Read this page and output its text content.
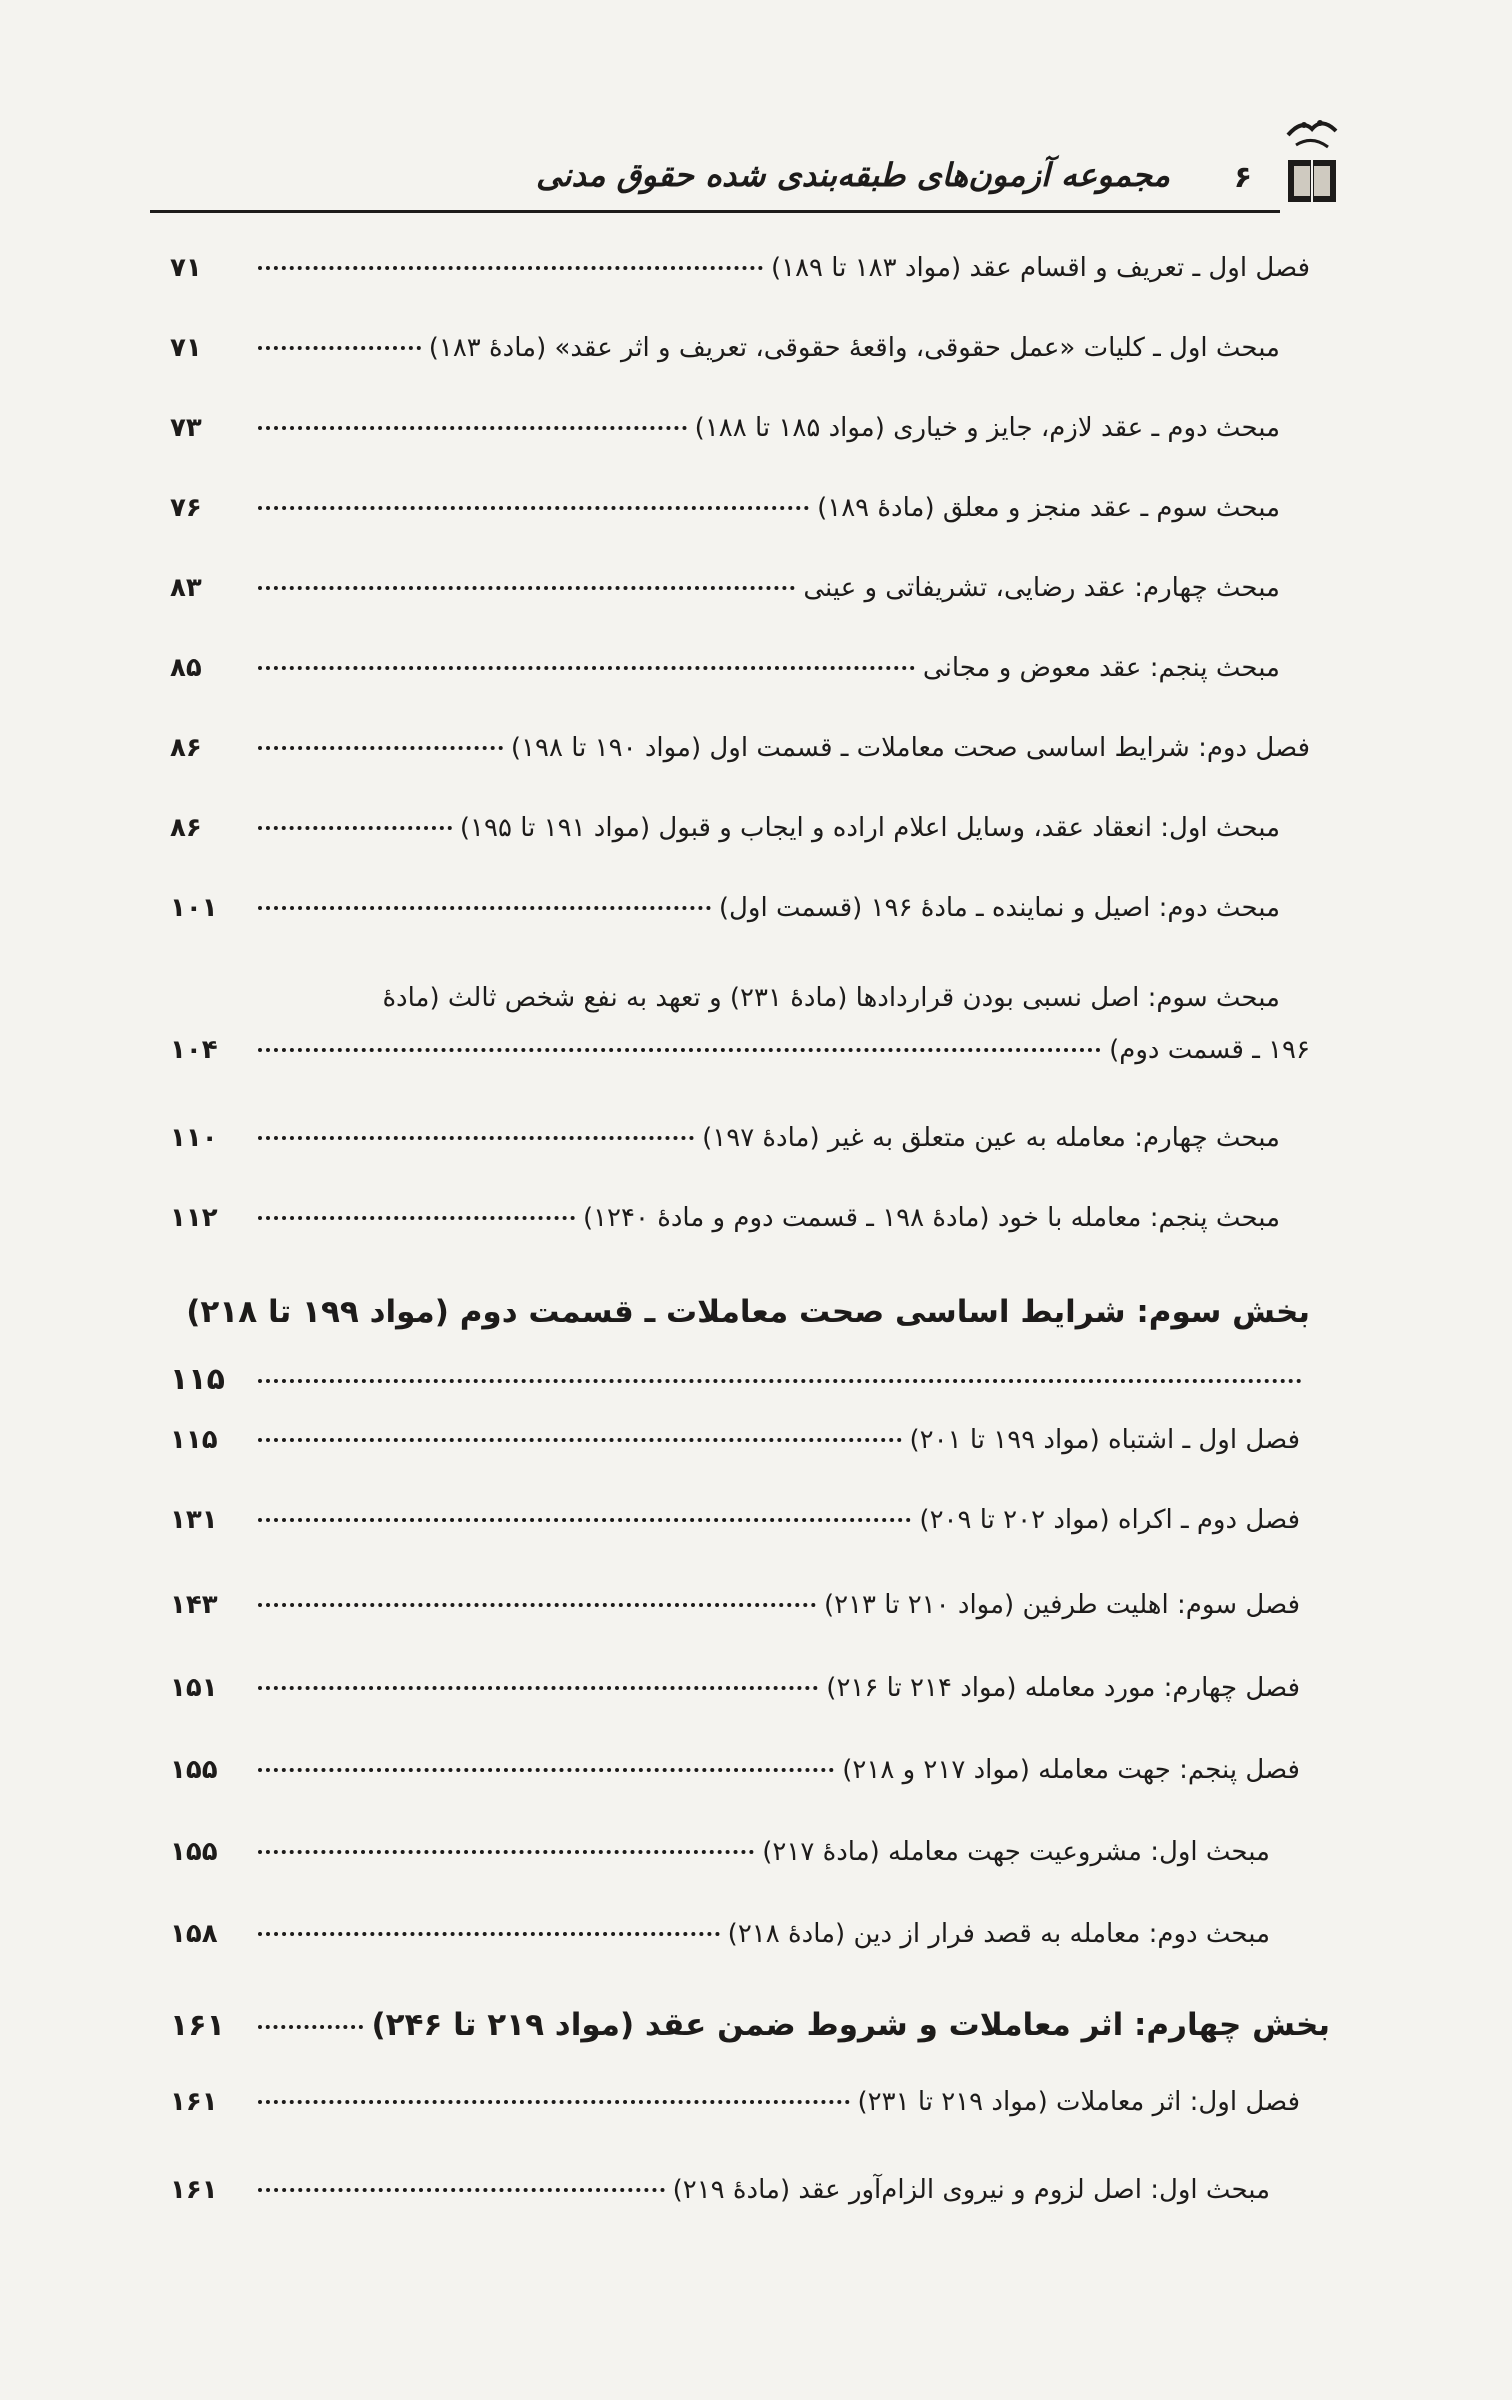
۶
مجموعه آزمون‌های طبقه‌بندی شده حقوق مدنی
فصل اول ـ تعریف و اقسام عقد (مواد ۱۸۳ تا ۱۸۹)
۷۱
مبحث اول ـ کلیات «عمل حقوقی، واقعهٔ حقوقی، تعریف و اثر عقد» (مادهٔ ۱۸۳)
۷۱
مبحث دوم ـ عقد لازم، جایز و خیاری (مواد ۱۸۵ تا ۱۸۸)
۷۳
مبحث سوم ـ عقد منجز و معلق (مادهٔ ۱۸۹)
۷۶
مبحث چهارم: عقد رضایی، تشریفاتی و عینی
۸۳
مبحث پنجم: عقد معوض و مجانی
۸۵
فصل دوم: شرایط اساسی صحت معاملات ـ قسمت اول (مواد ۱۹۰ تا ۱۹۸)
۸۶
مبحث اول: انعقاد عقد، وسایل اعلام اراده و ایجاب و قبول (مواد ۱۹۱ تا ۱۹۵)
۸۶
مبحث دوم: اصیل و نماینده ـ مادهٔ ۱۹۶ (قسمت اول)
۱۰۱
مبحث سوم: اصل نسبی بودن قراردادها (مادهٔ ۲۳۱) و تعهد به نفع شخص ثالث (مادهٔ
۱۹۶ ـ قسمت دوم)
۱۰۴
مبحث چهارم: معامله به عین متعلق به غیر (مادهٔ ۱۹۷)
۱۱۰
مبحث پنجم: معامله با خود (مادهٔ ۱۹۸ ـ قسمت دوم و مادهٔ ۱۲۴۰)
۱۱۲
بخش سوم: شرایط اساسی صحت معاملات ـ قسمت دوم (مواد ۱۹۹ تا ۲۱۸)
۱۱۵
فصل اول ـ اشتباه (مواد ۱۹۹ تا ۲۰۱)
۱۱۵
فصل دوم ـ اکراه (مواد ۲۰۲ تا ۲۰۹)
۱۳۱
فصل سوم: اهلیت طرفین (مواد ۲۱۰ تا ۲۱۳)
۱۴۳
فصل چهارم: مورد معامله (مواد ۲۱۴ تا ۲۱۶)
۱۵۱
فصل پنجم: جهت معامله (مواد ۲۱۷ و ۲۱۸)
۱۵۵
مبحث اول: مشروعیت جهت معامله (مادهٔ ۲۱۷)
۱۵۵
مبحث دوم: معامله به قصد فرار از دین (مادهٔ ۲۱۸)
۱۵۸
بخش چهارم: اثر معاملات و شروط ضمن عقد (مواد ۲۱۹ تا ۲۴۶)
۱۶۱
فصل اول: اثر معاملات (مواد ۲۱۹ تا ۲۳۱)
۱۶۱
مبحث اول: اصل لزوم و نیروی الزام‌آور عقد (مادهٔ ۲۱۹)
۱۶۱
